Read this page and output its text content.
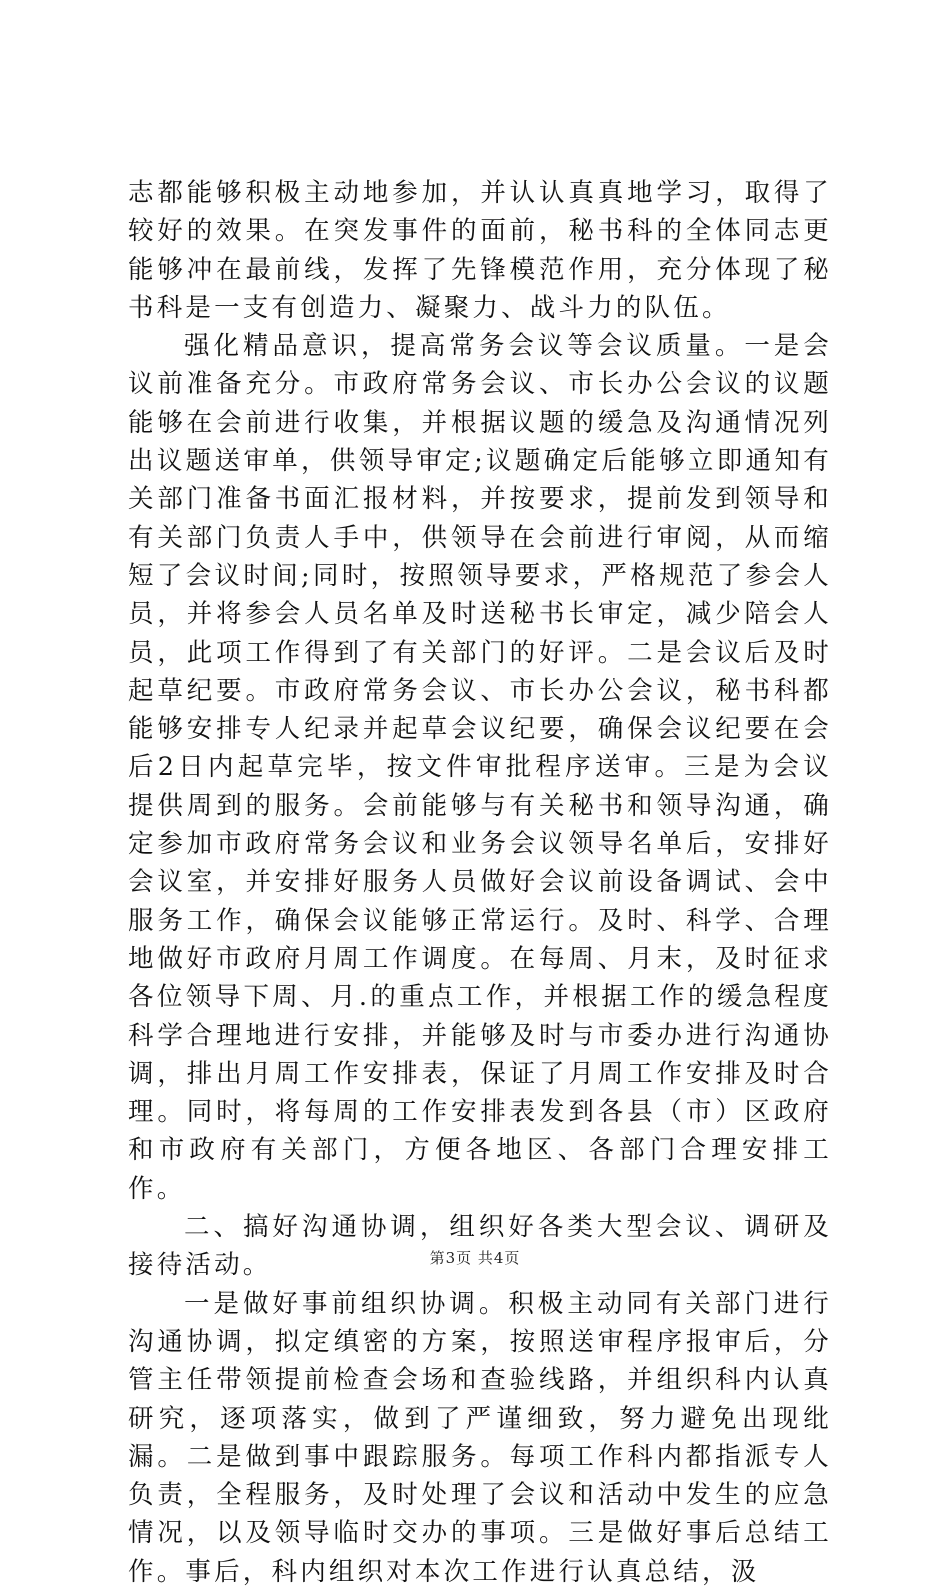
志都能够积极主动地参加，并认认真真地学习，取得了较好的效果。在突发事件的面前，秘书科的全体同志更能够冲在最前线，发挥了先锋模范作用，充分体现了秘书科是一支有创造力、凝聚力、战斗力的队伍。

强化精品意识，提高常务会议等会议质量。一是会议前准备充分。市政府常务会议、市长办公会议的议题能够在会前进行收集，并根据议题的缓急及沟通情况列出议题送审单，供领导审定;议题确定后能够立即通知有关部门准备书面汇报材料，并按要求，提前发到领导和有关部门负责人手中，供领导在会前进行审阅，从而缩短了会议时间;同时，按照领导要求，严格规范了参会人员，并将参会人员名单及时送秘书长审定，减少陪会人员，此项工作得到了有关部门的好评。二是会议后及时起草纪要。市政府常务会议、市长办公会议，秘书科都能够安排专人纪录并起草会议纪要，确保会议纪要在会后2日内起草完毕，按文件审批程序送审。三是为会议提供周到的服务。会前能够与有关秘书和领导沟通，确定参加市政府常务会议和业务会议领导名单后，安排好会议室，并安排好服务人员做好会议前设备调试、会中服务工作，确保会议能够正常运行。及时、科学、合理地做好市政府月周工作调度。在每周、月末，及时征求各位领导下周、月.的重点工作，并根据工作的缓急程度科学合理地进行安排，并能够及时与市委办进行沟通协调，排出月周工作安排表，保证了月周工作安排及时合理。同时，将每周的工作安排表发到各县（市）区政府和市政府有关部门，方便各地区、各部门合理安排工作。

二、搞好沟通协调，组织好各类大型会议、调研及接待活动。

一是做好事前组织协调。积极主动同有关部门进行沟通协调，拟定缜密的方案，按照送审程序报审后，分管主任带领提前检查会场和查验线路，并组织科内认真研究，逐项落实，做到了严谨细致，努力避免出现纰漏。二是做到事中跟踪服务。每项工作科内都指派专人负责，全程服务，及时处理了会议和活动中发生的应急情况，以及领导临时交办的事项。三是做好事后总结工作。事后，科内组织对本次工作进行认真总结，汲

第3页 共4页
